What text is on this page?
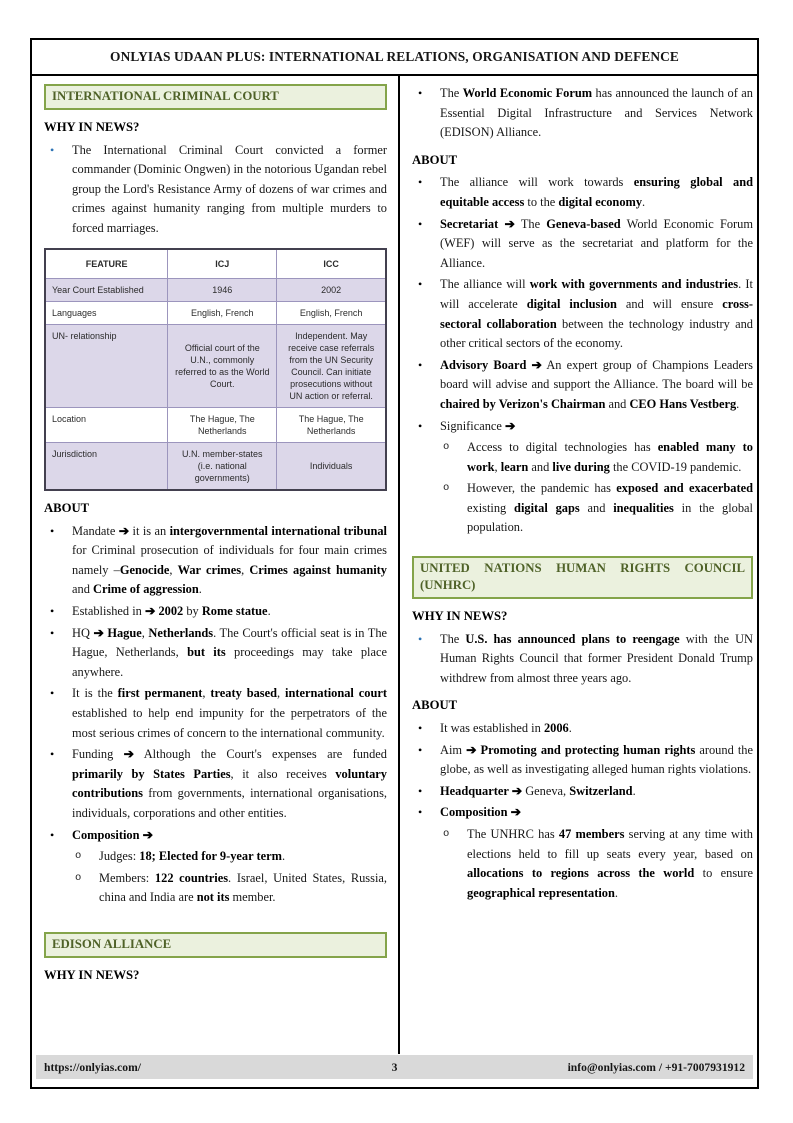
ONLYIAS UDAAN PLUS: INTERNATIONAL RELATIONS, ORGANISATION AND DEFENCE
INTERNATIONAL CRIMINAL COURT
WHY IN NEWS?
•
The International Criminal Court convicted a former commander (Dominic Ongwen) in the notorious Ugandan rebel group the Lord's Resistance Army of dozens of war crimes and crimes against humanity ranging from multiple murders to forced marriages.
FEATURE	ICJ	ICC
Year Court Established	1946	2002
Languages	English, French	English, French
UN- relationship	Official court of the U.N., commonly referred to as the World Court.	Independent. May receive case referrals from the UN Security Council. Can initiate prosecutions without UN action or referral.
Location	The Hague, The Netherlands	The Hague, The Netherlands
Jurisdiction	U.N. member-states (i.e. national governments)	Individuals
ABOUT
•
Mandate ➔ it is an intergovernmental international tribunal for Criminal prosecution of individuals for four main crimes namely –Genocide, War crimes, Crimes against humanity and Crime of aggression.
•
Established in ➔ 2002 by Rome statue.
•
HQ ➔ Hague, Netherlands. The Court's official seat is in The Hague, Netherlands, but its proceedings may take place anywhere.
•
It is the first permanent, treaty based, international court established to help end impunity for the perpetrators of the most serious crimes of concern to the international community.
•
Funding ➔ Although the Court's expenses are funded primarily by States Parties, it also receives voluntary contributions from governments, international organisations, individuals, corporations and other entities.
•
Composition ➔
o
Judges: 18; Elected for 9-year term.
o
Members: 122 countries. Israel, United States, Russia, china and India are not its member.
EDISON ALLIANCE
WHY IN NEWS?
•
The World Economic Forum has announced the launch of an Essential Digital Infrastructure and Services Network (EDISON) Alliance.
ABOUT
•
The alliance will work towards ensuring global and equitable access to the digital economy.
•
Secretariat ➔ The Geneva-based World Economic Forum (WEF) will serve as the secretariat and platform for the Alliance.
•
The alliance will work with governments and industries. It will accelerate digital inclusion and will ensure cross-sectoral collaboration between the technology industry and other critical sectors of the economy.
•
Advisory Board ➔ An expert group of Champions Leaders board will advise and support the Alliance. The board will be chaired by Verizon's Chairman and CEO Hans Vestberg.
•
Significance ➔
o
Access to digital technologies has enabled many to work, learn and live during the COVID-19 pandemic.
o
However, the pandemic has exposed and exacerbated existing digital gaps and inequalities in the global population.
UNITED NATIONS HUMAN RIGHTS COUNCIL (UNHRC)
WHY IN NEWS?
•
The U.S. has announced plans to reengage with the UN Human Rights Council that former President Donald Trump withdrew from almost three years ago.
ABOUT
•
It was established in 2006.
•
Aim ➔ Promoting and protecting human rights around the globe, as well as investigating alleged human rights violations.
•
Headquarter ➔ Geneva, Switzerland.
•
Composition ➔
o
The UNHRC has 47 members serving at any time with elections held to fill up seats every year, based on allocations to regions across the world to ensure geographical representation.
https://onlyias.com/	3	info@onlyias.com / +91-7007931912
